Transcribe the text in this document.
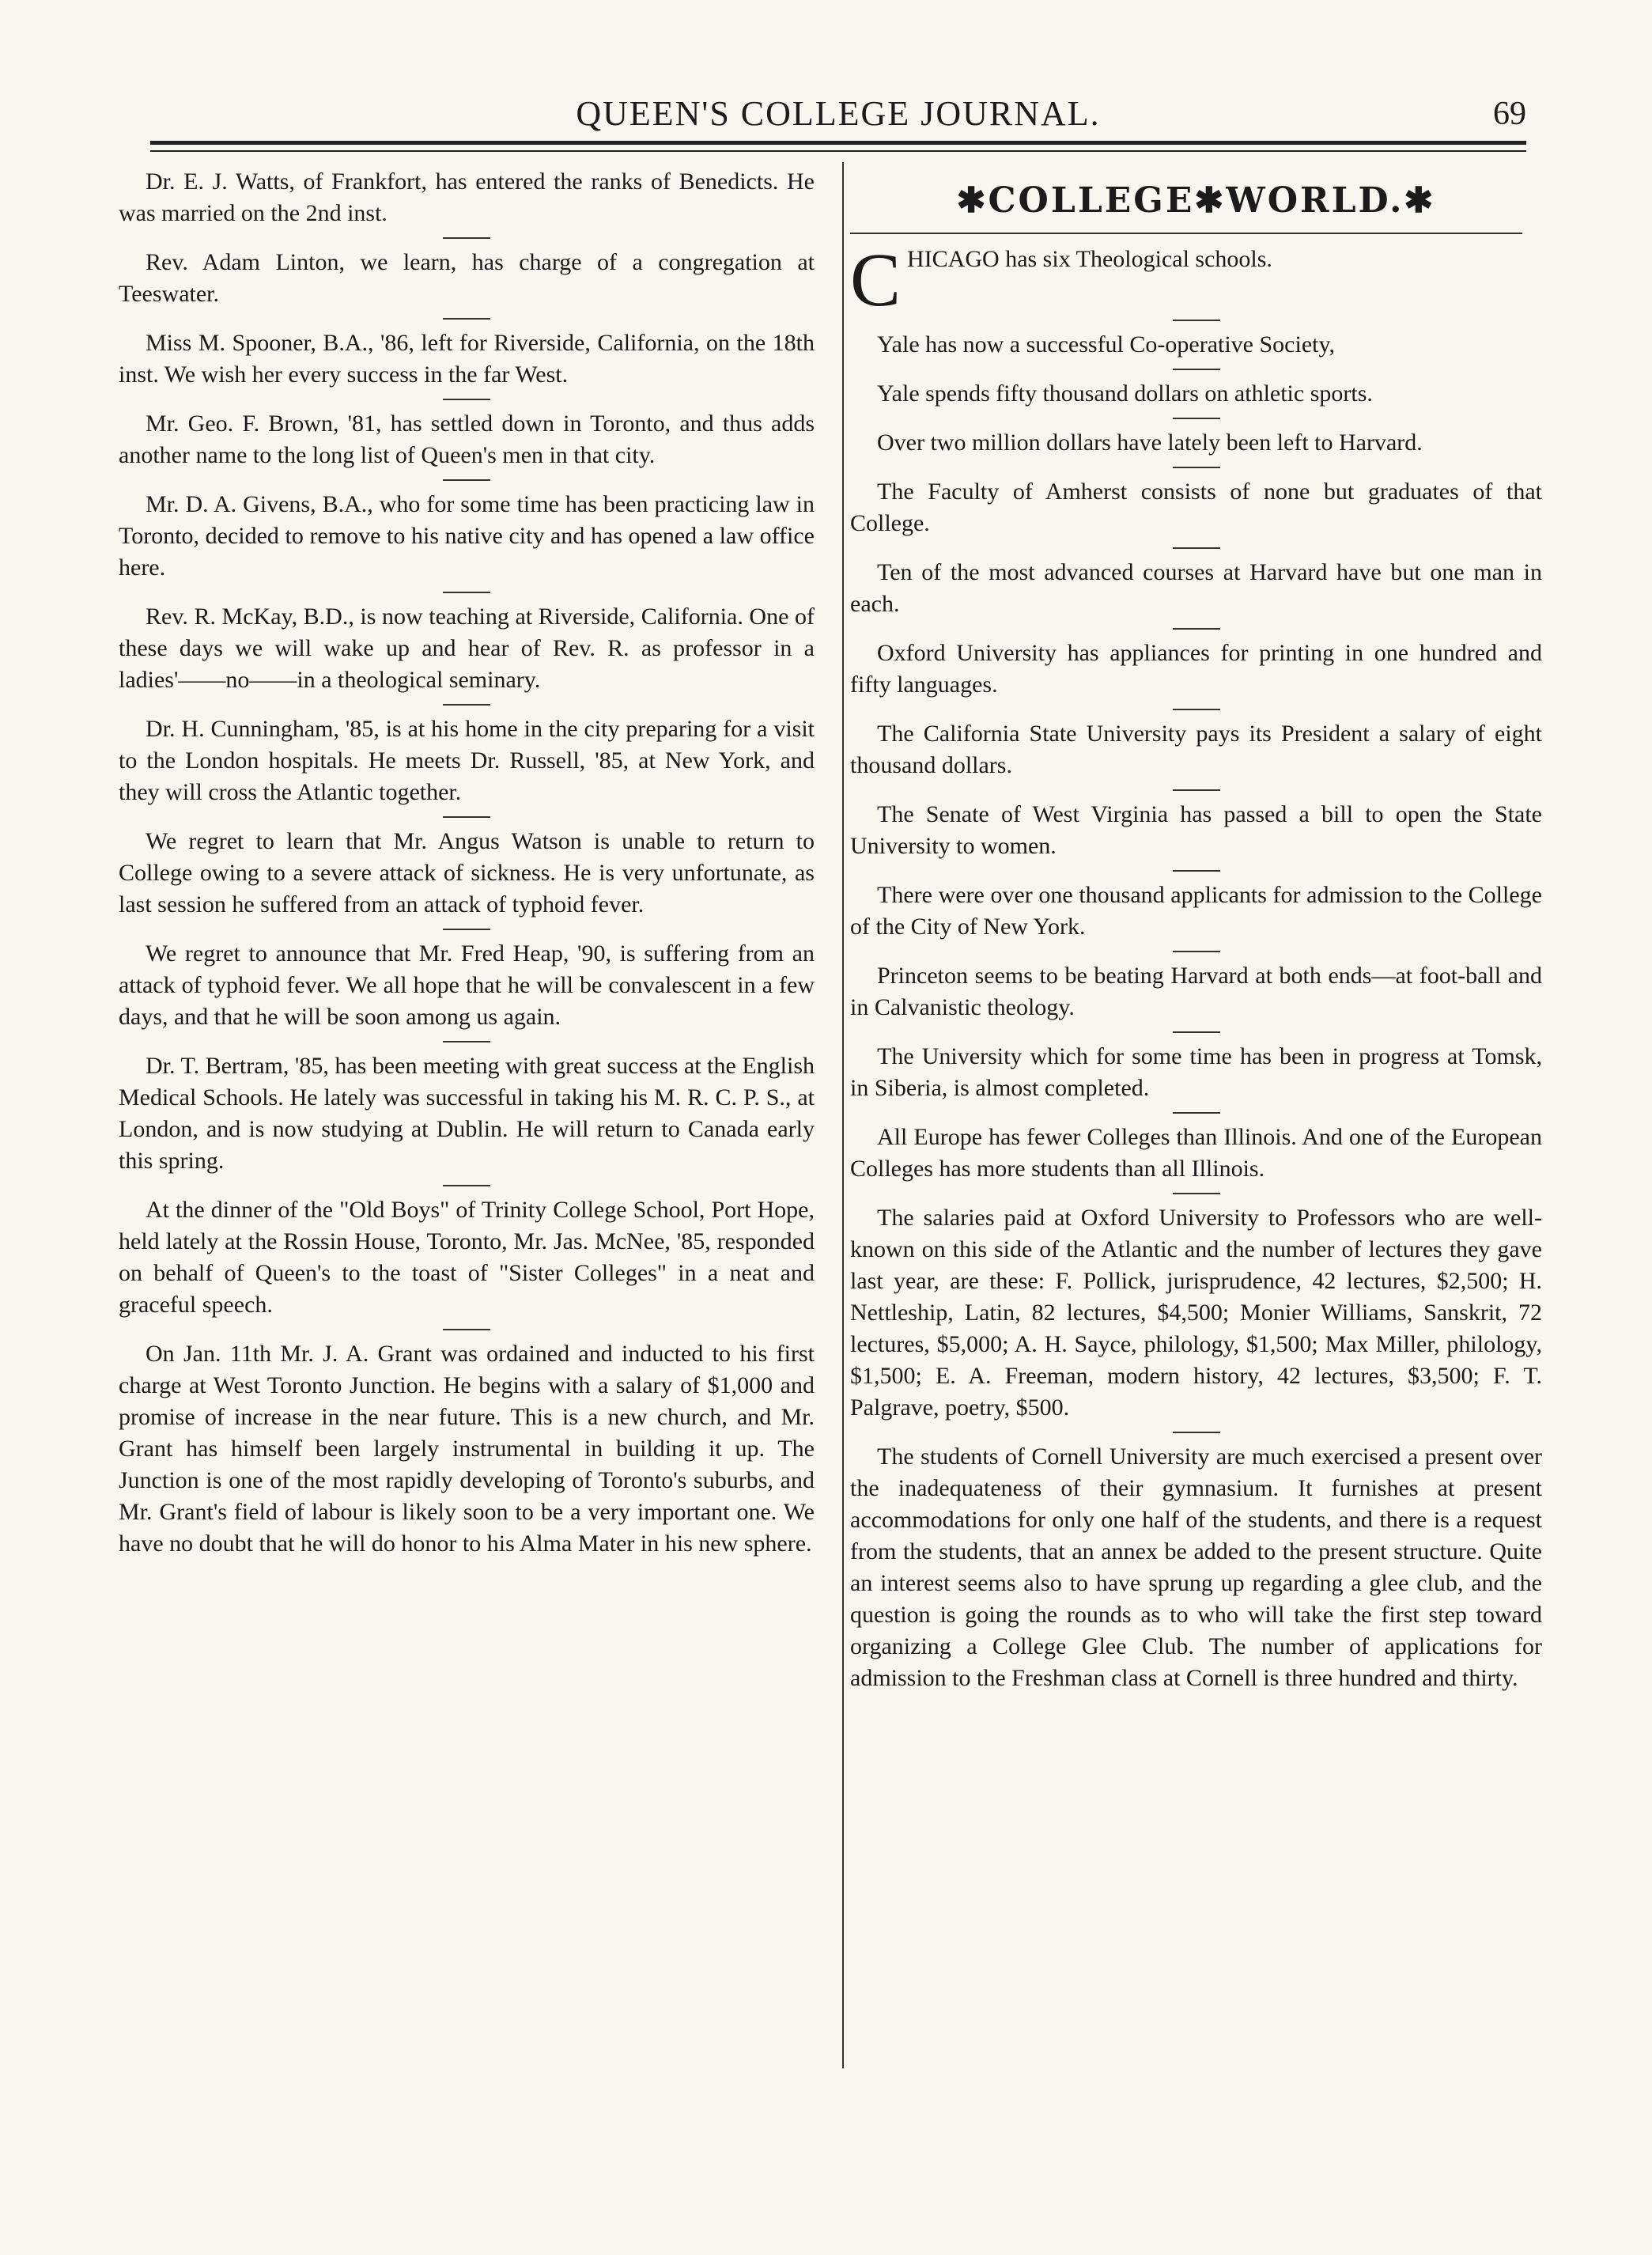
QUEEN'S COLLEGE JOURNAL.	69

Dr. E. J. Watts, of Frankfort, has entered the ranks of Benedicts. He was married on the 2nd inst.

Rev. Adam Linton, we learn, has charge of a congregation at Teeswater.

Miss M. Spooner, B.A., '86, left for Riverside, California, on the 18th inst. We wish her every success in the far West.

Mr. Geo. F. Brown, '81, has settled down in Toronto, and thus adds another name to the long list of Queen's men in that city.

Mr. D. A. Givens, B.A., who for some time has been practicing law in Toronto, decided to remove to his native city and has opened a law office here.

Rev. R. McKay, B.D., is now teaching at Riverside, California. One of these days we will wake up and hear of Rev. R. as professor in a ladies'——no——in a theological seminary.

Dr. H. Cunningham, '85, is at his home in the city preparing for a visit to the London hospitals. He meets Dr. Russell, '85, at New York, and they will cross the Atlantic together.

We regret to learn that Mr. Angus Watson is unable to return to College owing to a severe attack of sickness. He is very unfortunate, as last session he suffered from an attack of typhoid fever.

We regret to announce that Mr. Fred Heap, '90, is suffering from an attack of typhoid fever. We all hope that he will be convalescent in a few days, and that he will be soon among us again.

Dr. T. Bertram, '85, has been meeting with great success at the English Medical Schools. He lately was successful in taking his M. R. C. P. S., at London, and is now studying at Dublin. He will return to Canada early this spring.

At the dinner of the "Old Boys" of Trinity College School, Port Hope, held lately at the Rossin House, Toronto, Mr. Jas. McNee, '85, responded on behalf of Queen's to the toast of "Sister Colleges" in a neat and graceful speech.

On Jan. 11th Mr. J. A. Grant was ordained and inducted to his first charge at West Toronto Junction. He begins with a salary of $1,000 and promise of increase in the near future. This is a new church, and Mr. Grant has himself been largely instrumental in building it up. The Junction is one of the most rapidly developing of Toronto's suburbs, and Mr. Grant's field of labour is likely soon to be a very important one. We have no doubt that he will do honor to his Alma Mater in his new sphere.

✱COLLEGE✱WORLD.✱

CHICAGO has six Theological schools.

Yale has now a successful Co-operative Society,

Yale spends fifty thousand dollars on athletic sports.

Over two million dollars have lately been left to Harvard.

The Faculty of Amherst consists of none but graduates of that College.

Ten of the most advanced courses at Harvard have but one man in each.

Oxford University has appliances for printing in one hundred and fifty languages.

The California State University pays its President a salary of eight thousand dollars.

The Senate of West Virginia has passed a bill to open the State University to women.

There were over one thousand applicants for admission to the College of the City of New York.

Princeton seems to be beating Harvard at both ends—at foot-ball and in Calvanistic theology.

The University which for some time has been in progress at Tomsk, in Siberia, is almost completed.

All Europe has fewer Colleges than Illinois. And one of the European Colleges has more students than all Illinois.

The salaries paid at Oxford University to Professors who are well-known on this side of the Atlantic and the number of lectures they gave last year, are these: F. Pollick, jurisprudence, 42 lectures, $2,500; H. Nettleship, Latin, 82 lectures, $4,500; Monier Williams, Sanskrit, 72 lectures, $5,000; A. H. Sayce, philology, $1,500; Max Miller, philology, $1,500; E. A. Freeman, modern history, 42 lectures, $3,500; F. T. Palgrave, poetry, $500.

The students of Cornell University are much exercised a present over the inadequateness of their gymnasium. It furnishes at present accommodations for only one half of the students, and there is a request from the students, that an annex be added to the present structure. Quite an interest seems also to have sprung up regarding a glee club, and the question is going the rounds as to who will take the first step toward organizing a College Glee Club. The number of applications for admission to the Freshman class at Cornell is three hundred and thirty.
